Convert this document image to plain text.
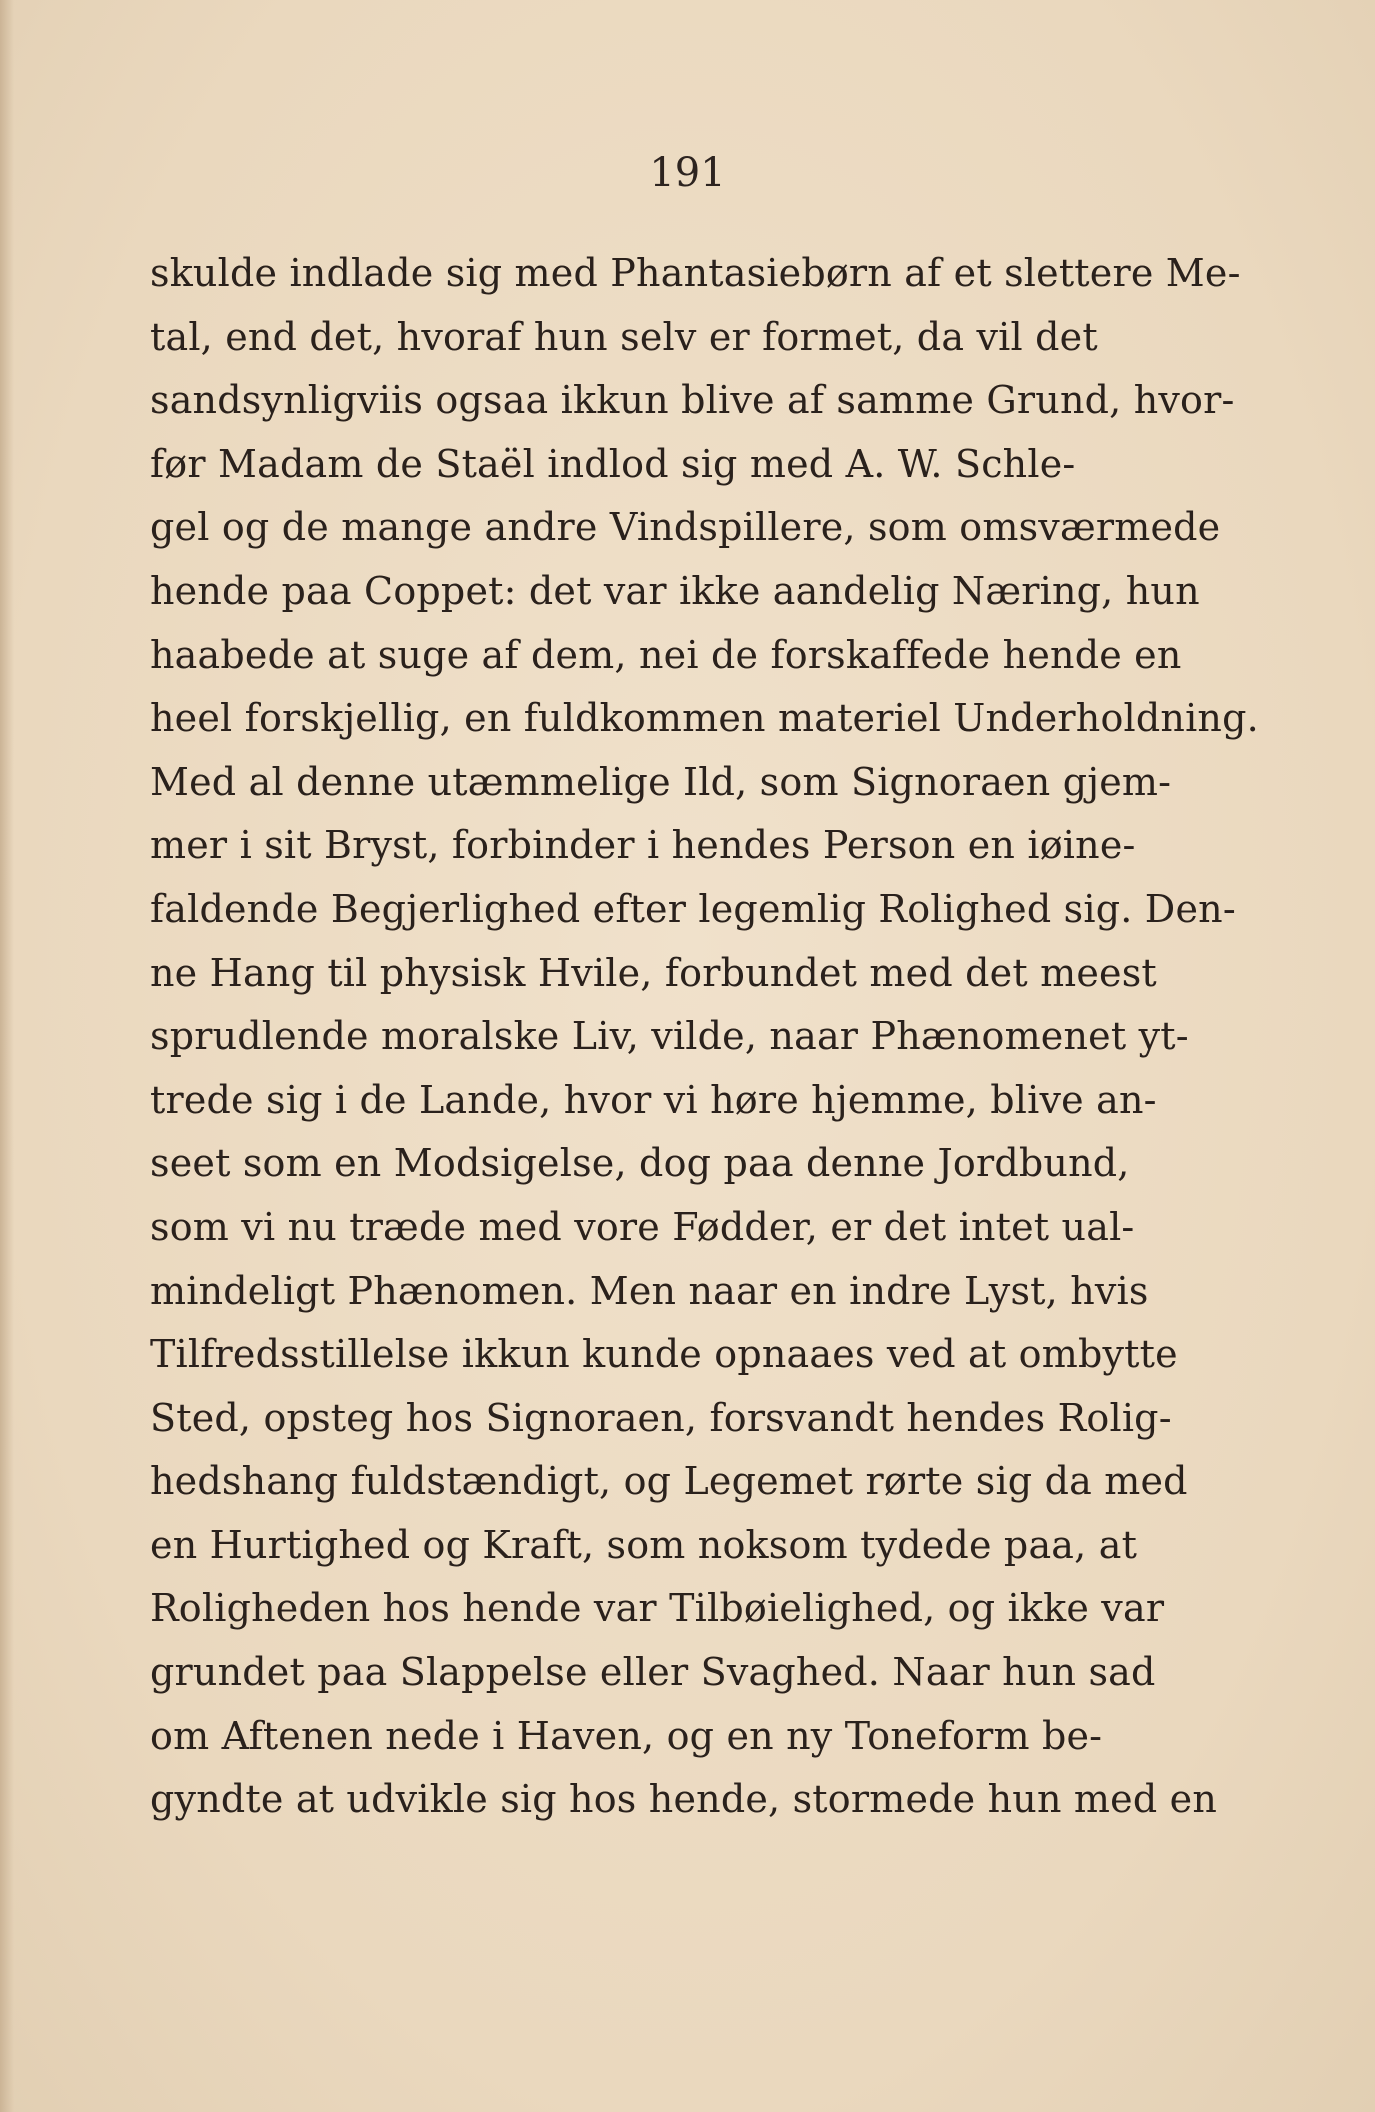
191
skulde indlade sig med Phantasiebørn af et slettere Me-
tal, end det, hvoraf hun selv er formet, da vil det
sandsynligviis ogsaa ikkun blive af samme Grund, hvor-
før Madam de Staël indlod sig med A. W. Schle-
gel og de mange andre Vindspillere, som omsværmede
hende paa Coppet: det var ikke aandelig Næring, hun
haabede at suge af dem, nei de forskaffede hende en
heel forskjellig, en fuldkommen materiel Underholdning.
Med al denne utæmmelige Ild, som Signoraen gjem-
mer i sit Bryst, forbinder i hendes Person en iøine-
faldende Begjerlighed efter legemlig Rolighed sig. Den-
ne Hang til physisk Hvile, forbundet med det meest
sprudlende moralske Liv, vilde, naar Phænomenet yt-
trede sig i de Lande, hvor vi høre hjemme, blive an-
seet som en Modsigelse, dog paa denne Jordbund,
som vi nu træde med vore Fødder, er det intet ual-
mindeligt Phænomen. Men naar en indre Lyst, hvis
Tilfredsstillelse ikkun kunde opnaaes ved at ombytte
Sted, opsteg hos Signoraen, forsvandt hendes Rolig-
hedshang fuldstændigt, og Legemet rørte sig da med
en Hurtighed og Kraft, som noksom tydede paa, at
Roligheden hos hende var Tilbøielighed, og ikke var
grundet paa Slappelse eller Svaghed. Naar hun sad
om Aftenen nede i Haven, og en ny Toneform be-
gyndte at udvikle sig hos hende, stormede hun med en
